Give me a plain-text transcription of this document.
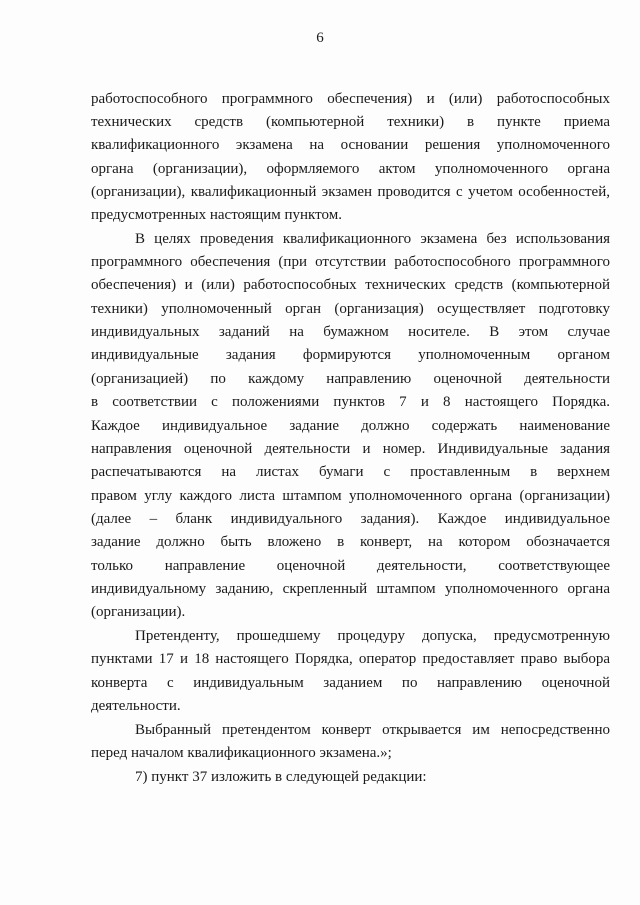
6
работоспособного программного обеспечения) и (или) работоспособных
технических средств (компьютерной техники) в пункте приема
квалификационного экзамена на основании решения уполномоченного
органа (организации), оформляемого актом уполномоченного органа
(организации), квалификационный экзамен проводится с учетом особенностей,
предусмотренных настоящим пунктом.
В целях проведения квалификационного экзамена без использования
программного обеспечения (при отсутствии работоспособного программного
обеспечения) и (или) работоспособных технических средств (компьютерной
техники) уполномоченный орган (организация) осуществляет подготовку
индивидуальных заданий на бумажном носителе. В этом случае
индивидуальные задания формируются уполномоченным органом
(организацией) по каждому направлению оценочной деятельности
в соответствии с положениями пунктов 7 и 8 настоящего Порядка.
Каждое индивидуальное задание должно содержать наименование
направления оценочной деятельности и номер. Индивидуальные задания
распечатываются на листах бумаги с проставленным в верхнем
правом углу каждого листа штампом уполномоченного органа (организации)
(далее – бланк индивидуального задания). Каждое индивидуальное
задание должно быть вложено в конверт, на котором обозначается
только направление оценочной деятельности, соответствующее
индивидуальному заданию, скрепленный штампом уполномоченного органа
(организации).
Претенденту, прошедшему процедуру допуска, предусмотренную
пунктами 17 и 18 настоящего Порядка, оператор предоставляет право выбора
конверта с индивидуальным заданием по направлению оценочной
деятельности.
Выбранный претендентом конверт открывается им непосредственно
перед началом квалификационного экзамена.»;
7) пункт 37 изложить в следующей редакции:
